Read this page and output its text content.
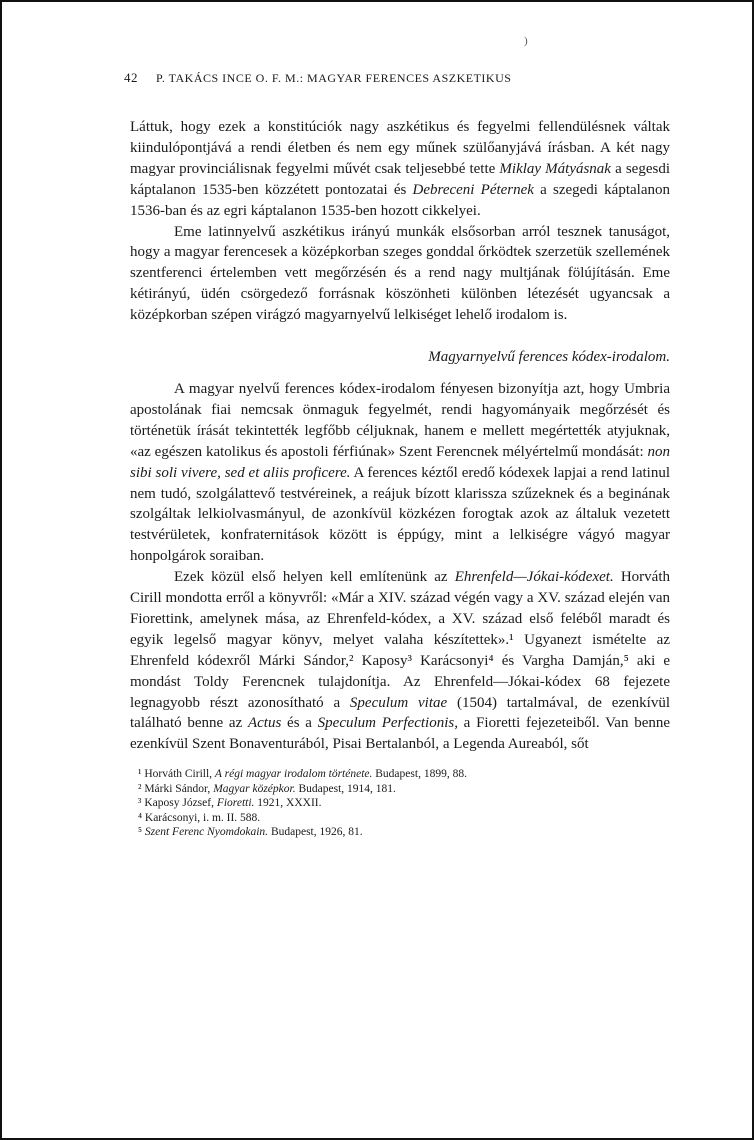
)
42 P. TAKÁCS INCE O. F. M.: MAGYAR FERENCES ASZKETIKUS

Láttuk, hogy ezek a konstitúciók nagy aszkétikus és fegyelmi fellendülésnek váltak kiindulópontjává a rendi életben és nem egy műnek szülőanyjává írásban. A két nagy magyar provinciálisnak fegyelmi művét csak teljesebbé tette Miklay Mátyásnak a segesdi káptalanon 1535-ben közzétett pontozatai és Debreceni Péternek a szegedi káptalanon 1536-ban és az egri káptalanon 1535-ben hozott cikkelyei.

Eme latinnyelvű aszkétikus irányú munkák elsősorban arról tesznek tanuságot, hogy a magyar ferencesek a középkorban szeges gonddal őrködtek szerzetük szellemének szentferenci értelemben vett megőrzésén és a rend nagy multjának fölújításán. Eme kétirányú, üdén csörgedező forrásnak köszönheti különben létezését ugyancsak a középkorban szépen virágzó magyarnyelvű lelkiséget lehelő irodalom is.

Magyarnyelvű ferences kódex-irodalom.

A magyar nyelvű ferences kódex-irodalom fényesen bizonyítja azt, hogy Umbria apostolának fiai nemcsak önmaguk fegyelmét, rendi hagyományaik megőrzését és történetük írását tekintették legfőbb céljuknak, hanem e mellett megértették atyjuknak, «az egészen katolikus és apostoli férfiúnak» Szent Ferencnek mélyértelmű mondását: non sibi soli vivere, sed et aliis proficere. A ferences kéztől eredő kódexek lapjai a rend latinul nem tudó, szolgálattevő testvéreinek, a reájuk bízott klarissza szűzeknek és a beginának szolgáltak lelkiolvasmányul, de azonkívül közkézen forogtak azok az általuk vezetett testvérületek, konfraternitások között is éppúgy, mint a lelkiségre vágyó magyar honpolgárok soraiban.

Ezek közül első helyen kell említenünk az Ehrenfeld—Jókai-kódexet. Horváth Cirill mondotta erről a könyvről: «Már a XIV. század végén vagy a XV. század elején van Fiorettink, amelynek mása, az Ehrenfeld-kódex, a XV. század első feléből maradt és egyik legelső magyar könyv, melyet valaha készítettek».¹ Ugyanezt ismételte az Ehrenfeld kódexről Márki Sándor,² Kaposy³ Karácsonyi⁴ és Vargha Damján,⁵ aki e mondást Toldy Ferencnek tulajdonítja. Az Ehrenfeld—Jókai-kódex 68 fejezete legnagyobb részt azonosítható a Speculum vitae (1504) tartalmával, de ezenkívül található benne az Actus és a Speculum Perfectionis, a Fioretti fejezeteiből. Van benne ezenkívül Szent Bonaventurából, Pisai Bertalanból, a Legenda Aureaból, sőt

¹ Horváth Cirill, A régi magyar irodalom története. Budapest, 1899, 88.
² Márki Sándor, Magyar középkor. Budapest, 1914, 181.
³ Kaposy József, Fioretti. 1921, XXXII.
⁴ Karácsonyi, i. m. II. 588.
⁵ Szent Ferenc Nyomdokain. Budapest, 1926, 81.
